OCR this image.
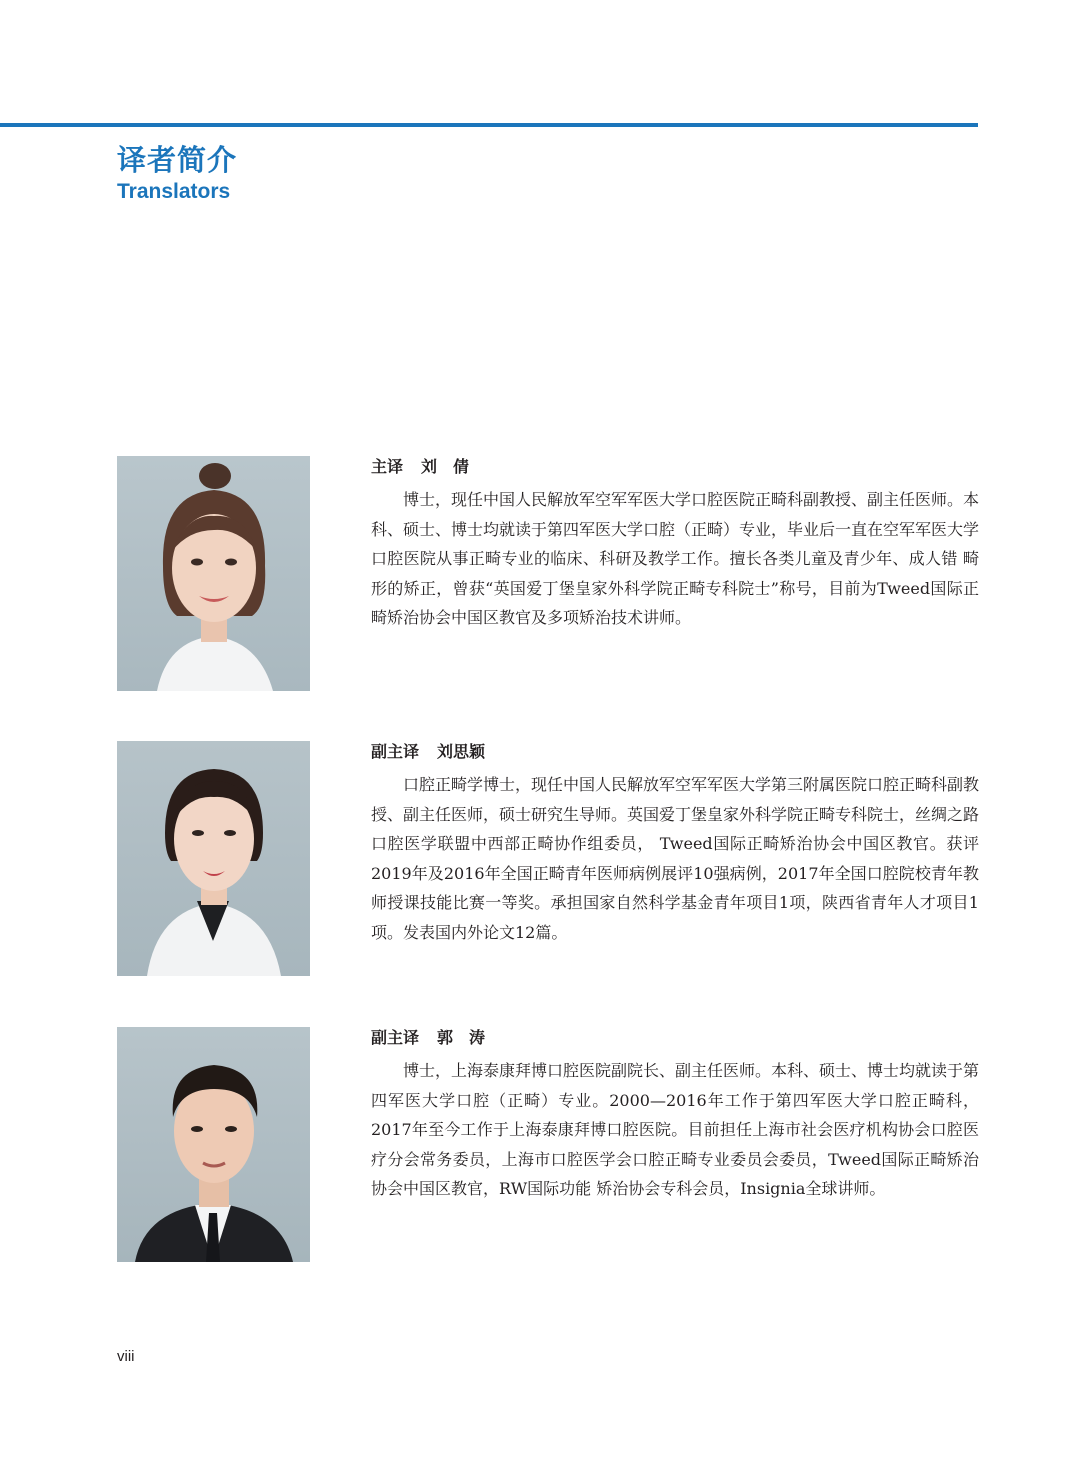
译者简介
Translators

主译 刘　倩

博士，现任中国人民解放军空军军医大学口腔医院正畸科副教授、副主任医师。本科、硕士、博士均就读于第四军医大学口腔（正畸）专业，毕业后一直在空军军医大学口腔医院从事正畸专业的临床、科研及教学工作。擅长各类儿童及青少年、成人错 畸形的矫正，曾获“英国爱丁堡皇家外科学院正畸专科院士”称号，目前为Tweed国际正畸矫治协会中国区教官及多项矫治技术讲师。

副主译 刘思颖

口腔正畸学博士，现任中国人民解放军空军军医大学第三附属医院口腔正畸科副教授、副主任医师，硕士研究生导师。英国爱丁堡皇家外科学院正畸专科院士，丝绸之路口腔医学联盟中西部正畸协作组委员， Tweed国际正畸矫治协会中国区教官。获评2019年及2016年全国正畸青年医师病例展评10强病例，2017年全国口腔院校青年教师授课技能比赛一等奖。承担国家自然科学基金青年项目1项，陕西省青年人才项目1项。发表国内外论文12篇。

副主译 郭　涛

博士，上海泰康拜博口腔医院副院长、副主任医师。本科、硕士、博士均就读于第四军医大学口腔（正畸）专业。2000—2016年工作于第四军医大学口腔正畸科，2017年至今工作于上海泰康拜博口腔医院。目前担任上海市社会医疗机构协会口腔医疗分会常务委员，上海市口腔医学会口腔正畸专业委员会委员，Tweed国际正畸矫治协会中国区教官，RW国际功能 矫治协会专科会员，Insignia全球讲师。

viii
